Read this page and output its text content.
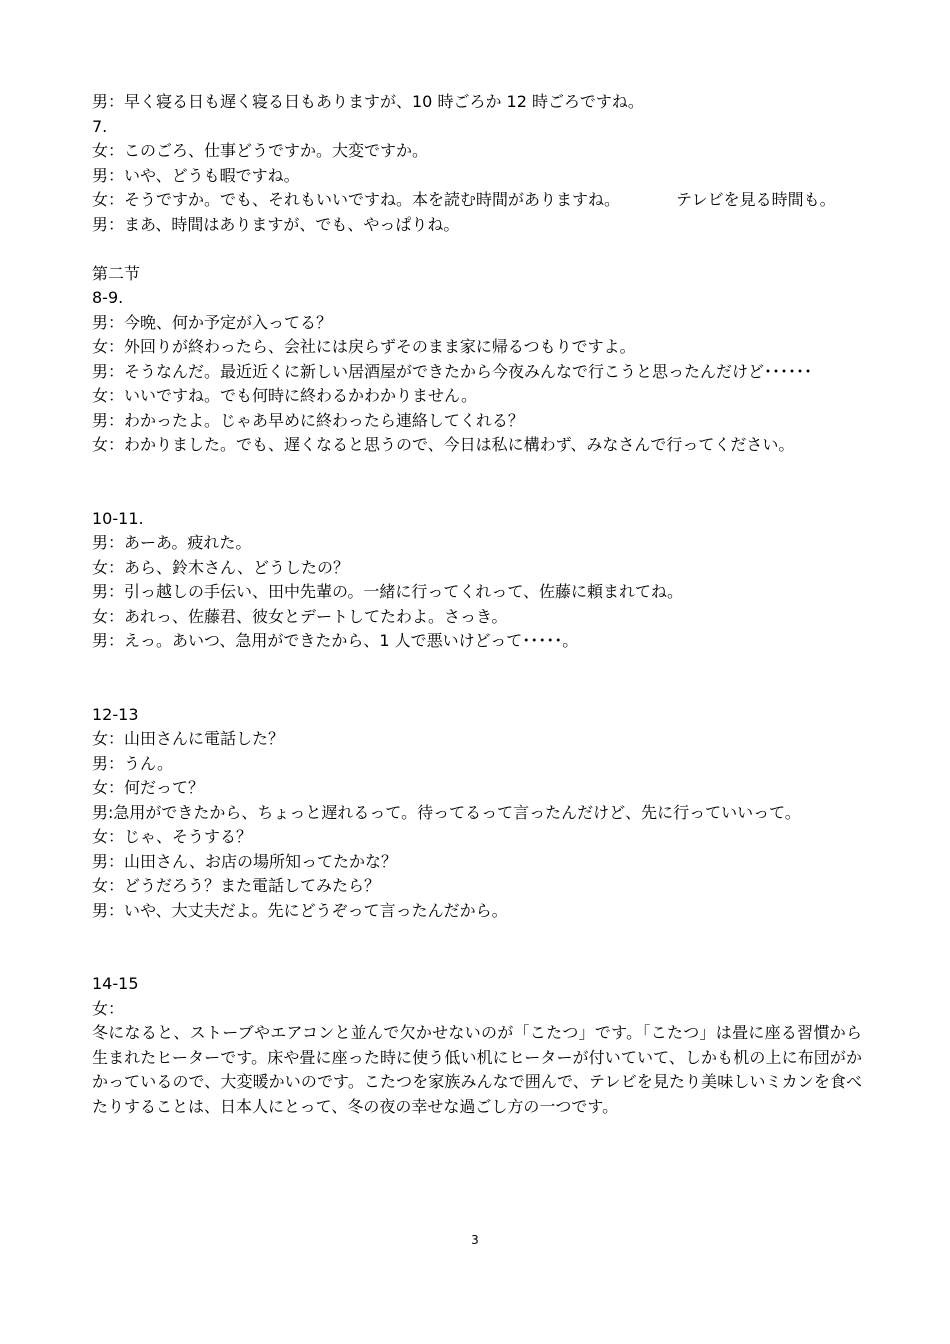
男：早く寝る日も遅く寝る日もありますが、10 時ごろか 12 時ごろですね。
7.
女：このごろ、仕事どうですか。大変ですか。
男：いや、どうも暇ですね。
女：そうですか。でも、それもいいですね。本を読む時間がありますね。　　　　テレビを見る時間も。
男：まあ、時間はありますが、でも、やっぱりね。
第二节
8-9.
男：今晩、何か予定が入ってる？
女：外回りが終わったら、会社には戻らずそのまま家に帰るつもりですよ。
男：そうなんだ。最近近くに新しい居酒屋ができたから今夜みんなで行こうと思ったんだけど･･････
女：いいですね。でも何時に終わるかわかりません。
男：わかったよ。じゃあ早めに終わったら連絡してくれる？
女：わかりました。でも、遅くなると思うので、今日は私に構わず、みなさんで行ってください。
10-11.
男：あーあ。疲れた。
女：あら、鈴木さん、どうしたの？
男：引っ越しの手伝い、田中先輩の。一緒に行ってくれって、佐藤に頼まれてね。
女：あれっ、佐藤君、彼女とデートしてたわよ。さっき。
男：えっ。あいつ、急用ができたから、1 人で悪いけどって･････。
12-13
女：山田さんに電話した？
男：うん。
女：何だって？
男:急用ができたから、ちょっと遅れるって。待ってるって言ったんだけど、先に行っていいって。
女：じゃ、そうする？
男：山田さん、お店の場所知ってたかな？
女：どうだろう？また電話してみたら？
男：いや、大丈夫だよ。先にどうぞって言ったんだから。
14-15
女：
冬になると、ストーブやエアコンと並んで欠かせないのが「こたつ」です。「こたつ」は畳に座る習慣から生まれたヒーターです。床や畳に座った時に使う低い机にヒーターが付いていて、しかも机の上に布団がかかっているので、大変暖かいのです。こたつを家族みんなで囲んで、テレビを見たり美味しいミカンを食べたりすることは、日本人にとって、冬の夜の幸せな過ごし方の一つです。
3
